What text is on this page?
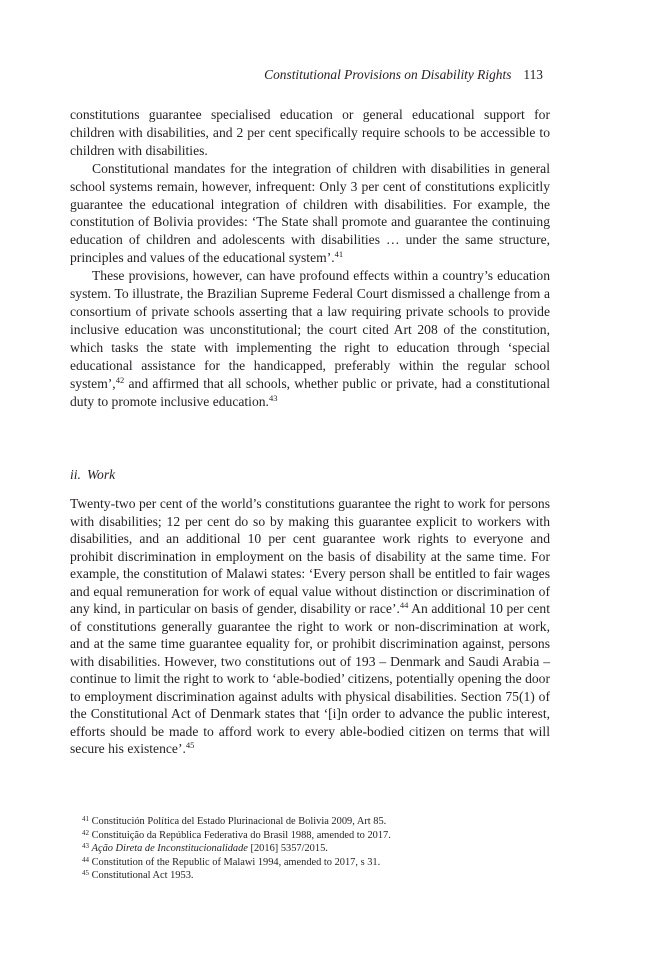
Constitutional Provisions on Disability Rights 113

constitutions guarantee specialised education or general educational support for children with disabilities, and 2 per cent specifically require schools to be accessible to children with disabilities.

Constitutional mandates for the integration of children with disabilities in general school systems remain, however, infrequent: Only 3 per cent of constitutions explicitly guarantee the educational integration of children with disabilities. For example, the constitution of Bolivia provides: ‘The State shall promote and guarantee the continuing education of children and adolescents with disabilities … under the same structure, principles and values of the educational system’.$^{41}$

These provisions, however, can have profound effects within a country’s education system. To illustrate, the Brazilian Supreme Federal Court dismissed a challenge from a consortium of private schools asserting that a law requiring private schools to provide inclusive education was unconstitutional; the court cited Art 208 of the constitution, which tasks the state with implementing the right to education through ‘special educational assistance for the handicapped, preferably within the regular school system’,$^{42}$ and affirmed that all schools, whether public or private, had a constitutional duty to promote inclusive education.$^{43}$

ii. Work

Twenty-two per cent of the world’s constitutions guarantee the right to work for persons with disabilities; 12 per cent do so by making this guarantee explicit to workers with disabilities, and an additional 10 per cent guarantee work rights to everyone and prohibit discrimination in employment on the basis of disability at the same time. For example, the constitution of Malawi states: ‘Every person shall be entitled to fair wages and equal remuneration for work of equal value without distinction or discrimination of any kind, in particular on basis of gender, disability or race’.$^{44}$ An additional 10 per cent of constitutions generally guarantee the right to work or non-discrimination at work, and at the same time guarantee equality for, or prohibit discrimination against, persons with disabilities. However, two constitutions out of 193 – Denmark and Saudi Arabia – continue to limit the right to work to ‘able-bodied’ citizens, potentially opening the door to employment discrimination against adults with physical disabilities. Section 75(1) of the Constitutional Act of Denmark states that ‘[i]n order to advance the public interest, efforts should be made to afford work to every able-bodied citizen on terms that will secure his existence’.$^{45}$

$^{41}$ Constitución Política del Estado Plurinacional de Bolivia 2009, Art 85.
$^{42}$ Constituição da República Federativa do Brasil 1988, amended to 2017.
$^{43}$ Ação Direta de Inconstitucionalidade [2016] 5357/2015.
$^{44}$ Constitution of the Republic of Malawi 1994, amended to 2017, s 31.
$^{45}$ Constitutional Act 1953.
